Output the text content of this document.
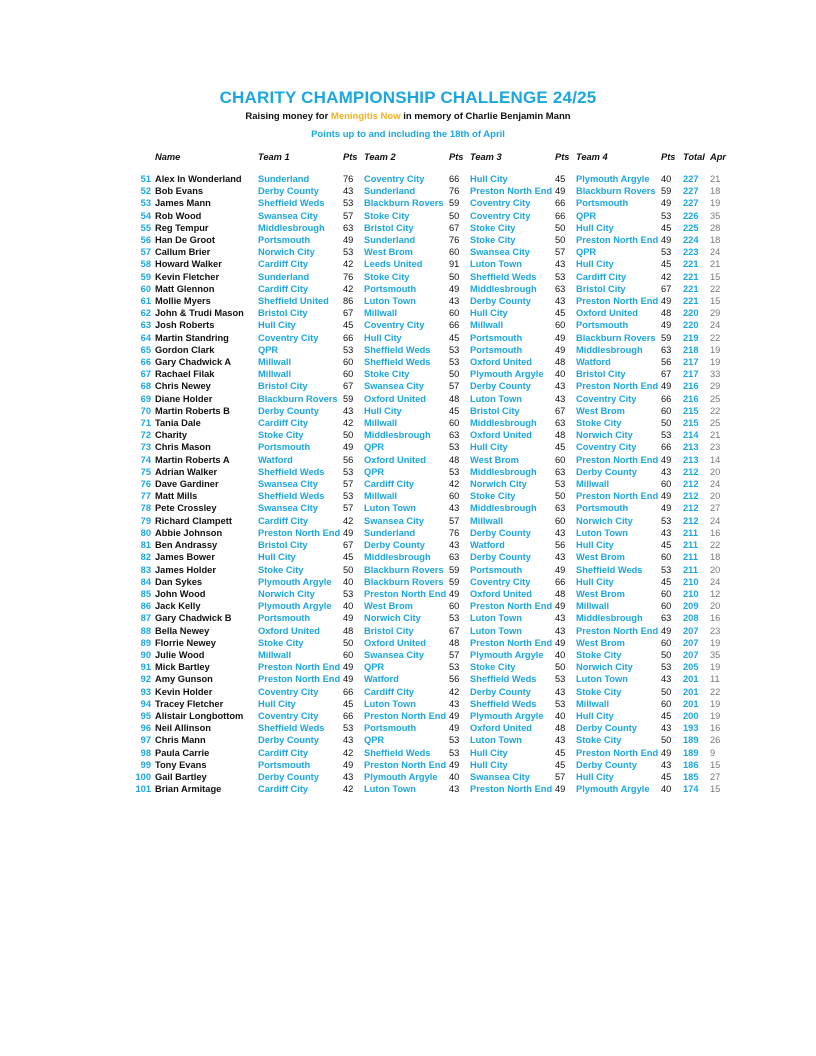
CHARITY CHAMPIONSHIP CHALLENGE 24/25
Raising money for Meningitis Now in memory of Charlie Benjamin Mann
Points up to and including the 18th of April
	Name	Team 1	Pts	Team 2	Pts	Team 3	Pts	Team 4	Pts	Total	Apr
51	Alex In Wonderland	Sunderland	76	Coventry City	66	Hull City	45	Plymouth Argyle	40	227	21
52	Bob Evans	Derby County	43	Sunderland	76	Preston North End	49	Blackburn Rovers	59	227	18
53	James Mann	Sheffield Weds	53	Blackburn Rovers	59	Coventry City	66	Portsmouth	49	227	19
54	Rob Wood	Swansea City	57	Stoke City	50	Coventry City	66	QPR	53	226	35
55	Reg Tempur	Middlesbrough	63	Bristol City	67	Stoke City	50	Hull City	45	225	28
56	Han De Groot	Portsmouth	49	Sunderland	76	Stoke City	50	Preston North End	49	224	18
57	Callum Brier	Norwich City	53	West Brom	60	Swansea City	57	QPR	53	223	24
58	Howard Walker	Cardiff City	42	Leeds United	91	Luton Town	43	Hull City	45	221	21
59	Kevin Fletcher	Sunderland	76	Stoke City	50	Sheffield Weds	53	Cardiff City	42	221	15
60	Matt Glennon	Cardiff City	42	Portsmouth	49	Middlesbrough	63	Bristol City	67	221	22
61	Mollie Myers	Sheffield United	86	Luton Town	43	Derby County	43	Preston North End	49	221	15
62	John & Trudi Mason	Bristol City	67	Millwall	60	Hull City	45	Oxford United	48	220	29
63	Josh Roberts	Hull City	45	Coventry City	66	Millwall	60	Portsmouth	49	220	24
64	Martin Standring	Coventry City	66	Hull City	45	Portsmouth	49	Blackburn Rovers	59	219	22
65	Gordon Clark	QPR	53	Sheffield Weds	53	Portsmouth	49	Middlesbrough	63	218	19
66	Gary Chadwick A	Millwall	60	Sheffield Weds	53	Oxford United	48	Watford	56	217	19
67	Rachael Filak	Millwall	60	Stoke City	50	Plymouth Argyle	40	Bristol City	67	217	33
68	Chris Newey	Bristol City	67	Swansea City	57	Derby County	43	Preston North End	49	216	29
69	Diane Holder	Blackburn Rovers	59	Oxford United	48	Luton Town	43	Coventry City	66	216	25
70	Martin Roberts B	Derby County	43	Hull City	45	Bristol City	67	West Brom	60	215	22
71	Tania Dale	Cardiff City	42	Millwall	60	Middlesbrough	63	Stoke City	50	215	25
72	Charity	Stoke City	50	Middlesbrough	63	Oxford United	48	Norwich City	53	214	21
73	Chris Mason	Portsmouth	49	QPR	53	Hull City	45	Coventry City	66	213	23
74	Martin Roberts A	Watford	56	Oxford United	48	West Brom	60	Preston North End	49	213	14
75	Adrian Walker	Sheffield Weds	53	QPR	53	Middlesbrough	63	Derby County	43	212	20
76	Dave Gardiner	Swansea City	57	Cardiff City	42	Norwich City	53	Millwall	60	212	24
77	Matt Mills	Sheffield Weds	53	Millwall	60	Stoke City	50	Preston North End	49	212	20
78	Pete Crossley	Swansea City	57	Luton Town	43	Middlesbrough	63	Portsmouth	49	212	27
79	Richard Clampett	Cardiff City	42	Swansea City	57	Millwall	60	Norwich City	53	212	24
80	Abbie Johnson	Preston North End	49	Sunderland	76	Derby County	43	Luton Town	43	211	16
81	Ben Andrassy	Bristol City	67	Derby County	43	Watford	56	Hull City	45	211	22
82	James Bower	Hull City	45	Middlesbrough	63	Derby County	43	West Brom	60	211	18
83	James Holder	Stoke City	50	Blackburn Rovers	59	Portsmouth	49	Sheffield Weds	53	211	20
84	Dan Sykes	Plymouth Argyle	40	Blackburn Rovers	59	Coventry City	66	Hull City	45	210	24
85	John Wood	Norwich City	53	Preston North End	49	Oxford United	48	West Brom	60	210	12
86	Jack Kelly	Plymouth Argyle	40	West Brom	60	Preston North End	49	Millwall	60	209	20
87	Gary Chadwick B	Portsmouth	49	Norwich City	53	Luton Town	43	Middlesbrough	63	208	16
88	Bella Newey	Oxford United	48	Bristol City	67	Luton Town	43	Preston North End	49	207	23
89	Florrie Newey	Stoke City	50	Oxford United	48	Preston North End	49	West Brom	60	207	19
90	Julie Wood	Millwall	60	Swansea City	57	Plymouth Argyle	40	Stoke City	50	207	35
91	Mick Bartley	Preston North End	49	QPR	53	Stoke City	50	Norwich City	53	205	19
92	Amy Gunson	Preston North End	49	Watford	56	Sheffield Weds	53	Luton Town	43	201	11
93	Kevin Holder	Coventry City	66	Cardiff City	42	Derby County	43	Stoke City	50	201	22
94	Tracey Fletcher	Hull City	45	Luton Town	43	Sheffield Weds	53	Millwall	60	201	19
95	Alistair Longbottom	Coventry City	66	Preston North End	49	Plymouth Argyle	40	Hull City	45	200	19
96	Neil Allinson	Sheffield Weds	53	Portsmouth	49	Oxford United	48	Derby County	43	193	16
97	Chris Mann	Derby County	43	QPR	53	Luton Town	43	Stoke City	50	189	26
98	Paula Carrie	Cardiff City	42	Sheffield Weds	53	Hull City	45	Preston North End	49	189	9
99	Tony Evans	Portsmouth	49	Preston North End	49	Hull City	45	Derby County	43	186	15
100	Gail Bartley	Derby County	43	Plymouth Argyle	40	Swansea City	57	Hull City	45	185	27
101	Brian Armitage	Cardiff City	42	Luton Town	43	Preston North End	49	Plymouth Argyle	40	174	15
